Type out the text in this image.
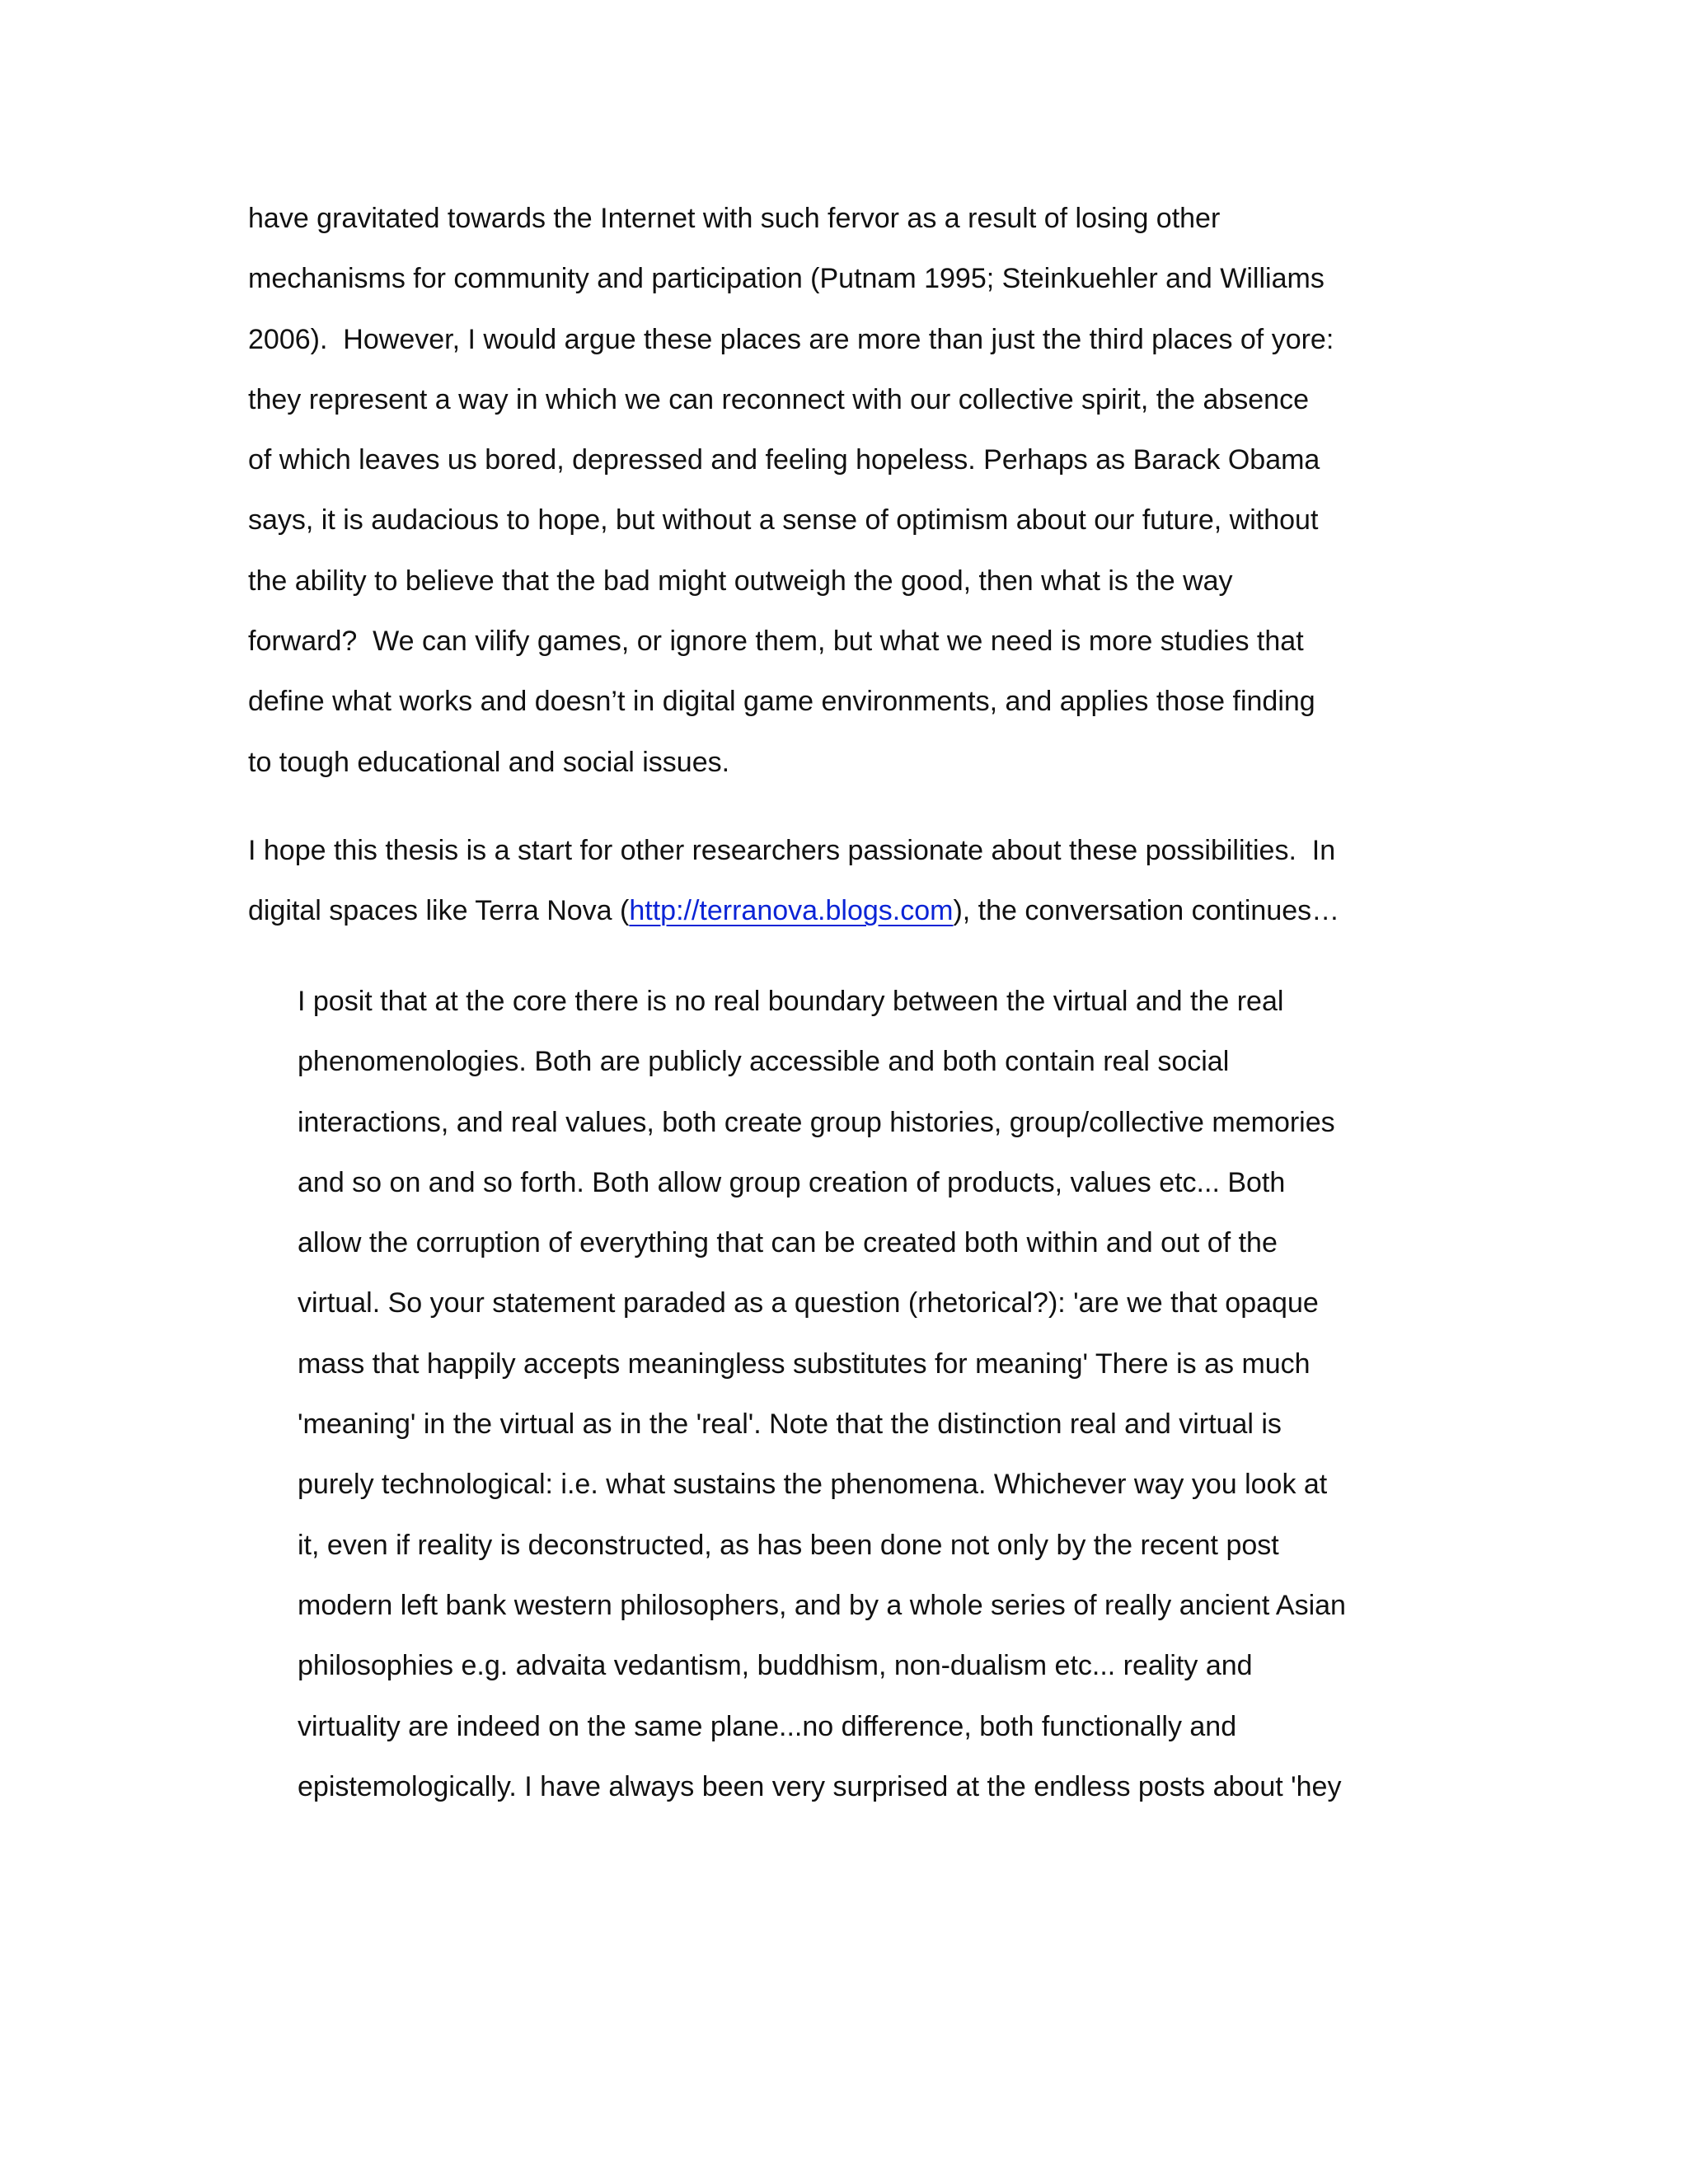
have gravitated towards the Internet with such fervor as a result of losing other
mechanisms for community and participation (Putnam 1995; Steinkuehler and Williams
2006).  However, I would argue these places are more than just the third places of yore:
they represent a way in which we can reconnect with our collective spirit, the absence
of which leaves us bored, depressed and feeling hopeless. Perhaps as Barack Obama
says, it is audacious to hope, but without a sense of optimism about our future, without
the ability to believe that the bad might outweigh the good, then what is the way
forward?  We can vilify games, or ignore them, but what we need is more studies that
define what works and doesn’t in digital game environments, and applies those finding
to tough educational and social issues.
I hope this thesis is a start for other researchers passionate about these possibilities.  In
digital spaces like Terra Nova (http://terranova.blogs.com), the conversation continues…
I posit that at the core there is no real boundary between the virtual and the real
phenomenologies. Both are publicly accessible and both contain real social
interactions, and real values, both create group histories, group/collective memories
and so on and so forth. Both allow group creation of products, values etc... Both
allow the corruption of everything that can be created both within and out of the
virtual. So your statement paraded as a question (rhetorical?): 'are we that opaque
mass that happily accepts meaningless substitutes for meaning' There is as much
'meaning' in the virtual as in the 'real'. Note that the distinction real and virtual is
purely technological: i.e. what sustains the phenomena. Whichever way you look at
it, even if reality is deconstructed, as has been done not only by the recent post
modern left bank western philosophers, and by a whole series of really ancient Asian
philosophies e.g. advaita vedantism, buddhism, non-dualism etc... reality and
virtuality are indeed on the same plane...no difference, both functionally and
epistemologically. I have always been very surprised at the endless posts about 'hey
